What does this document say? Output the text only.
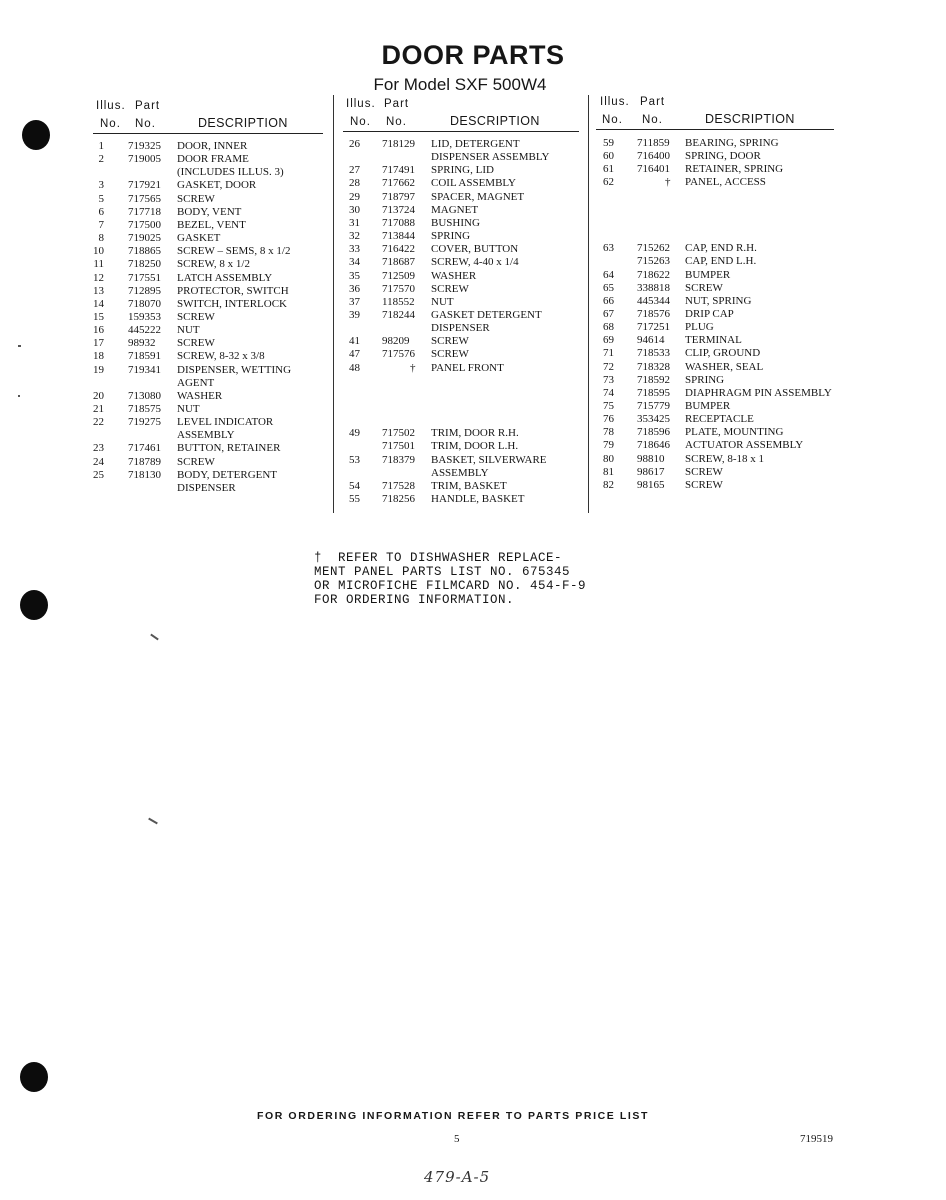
DOOR PARTS
For Model SXF 500W4
Illus. Part
No. No.	DESCRIPTION
1 719325 DOOR, INNER
2 719005 DOOR FRAME
(INCLUDES ILLUS. 3)
3 717921 GASKET, DOOR
5 717565 SCREW
6 717718 BODY, VENT
7 717500 BEZEL, VENT
8 719025 GASKET
10 718865 SCREW – SEMS, 8 x 1/2
11 718250 SCREW, 8 x 1/2
12 717551 LATCH ASSEMBLY
13 712895 PROTECTOR, SWITCH
14 718070 SWITCH, INTERLOCK
15 159353 SCREW
16 445222 NUT
17 98932 SCREW
18 718591 SCREW, 8-32 x 3/8
19 719341 DISPENSER, WETTING
AGENT
20 713080 WASHER
21 718575 NUT
22 719275 LEVEL INDICATOR
ASSEMBLY
23 717461 BUTTON, RETAINER
24 718789 SCREW
25 718130 BODY, DETERGENT
DISPENSER
Illus. Part
No. No.	DESCRIPTION
26 718129 LID, DETERGENT
DISPENSER ASSEMBLY
27 717491 SPRING, LID
28 717662 COIL ASSEMBLY
29 718797 SPACER, MAGNET
30 713724 MAGNET
31 717088 BUSHING
32 713844 SPRING
33 716422 COVER, BUTTON
34 718687 SCREW, 4-40 x 1/4
35 712509 WASHER
36 717570 SCREW
37 118552 NUT
39 718244 GASKET DETERGENT
DISPENSER
41 98209 SCREW
47 717576 SCREW
48	† PANEL FRONT
49 717502 TRIM, DOOR R.H.
717501 TRIM, DOOR L.H.
53 718379 BASKET, SILVERWARE
ASSEMBLY
54 717528 TRIM, BASKET
55 718256 HANDLE, BASKET
Illus. Part
No. No.	DESCRIPTION
59 711859 BEARING, SPRING
60 716400 SPRING, DOOR
61 716401 RETAINER, SPRING
62	† PANEL, ACCESS
63 715262 CAP, END R.H.
715263 CAP, END L.H.
64 718622 BUMPER
65 338818 SCREW
66 445344 NUT, SPRING
67 718576 DRIP CAP
68 717251 PLUG
69 94614 TERMINAL
71 718533 CLIP, GROUND
72 718328 WASHER, SEAL
73 718592 SPRING
74 718595 DIAPHRAGM PIN ASSEMBLY
75 715779 BUMPER
76 353425 RECEPTACLE
78 718596 PLATE, MOUNTING
79 718646 ACTUATOR ASSEMBLY
80 98810 SCREW, 8-18 x 1
81 98617 SCREW
82 98165 SCREW
†  REFER TO DISHWASHER REPLACE-
MENT PANEL PARTS LIST NO. 675345
OR MICROFICHE FILMCARD NO. 454-F-9
FOR ORDERING INFORMATION.
FOR ORDERING INFORMATION REFER TO PARTS PRICE LIST
5	719519
479-A-5
